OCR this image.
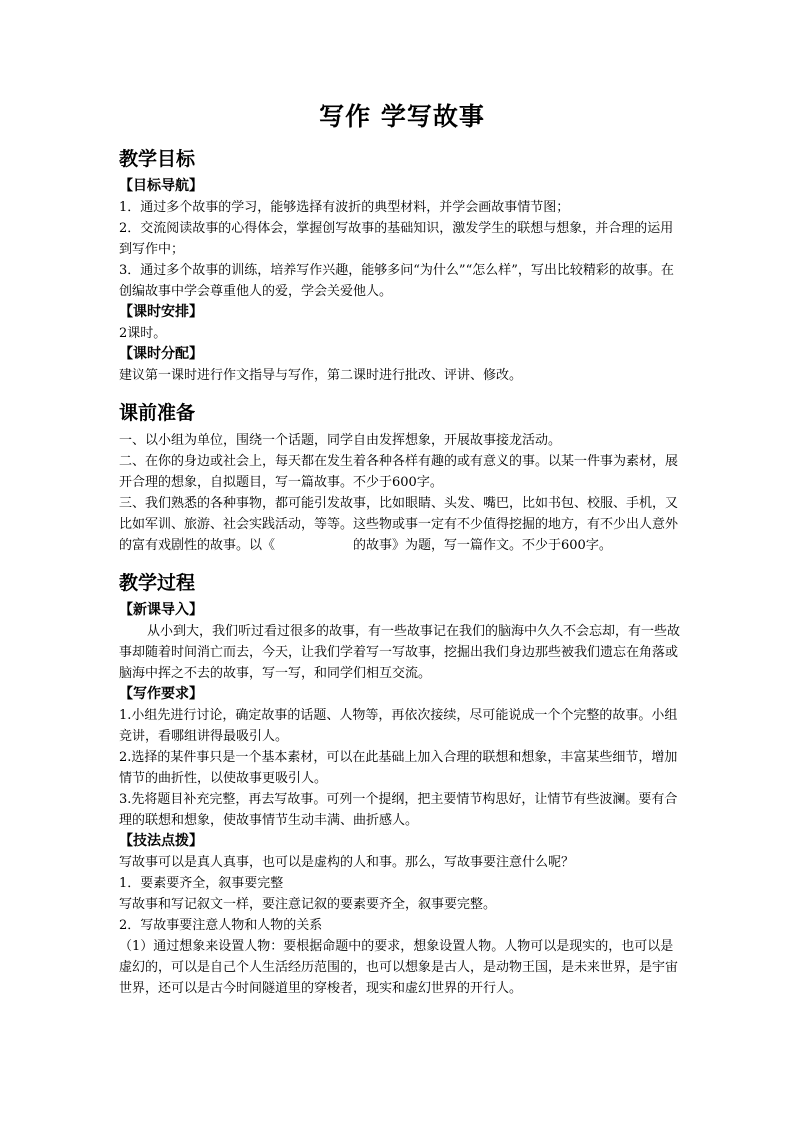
写作 学写故事
教学目标
【目标导航】
1．通过多个故事的学习，能够选择有波折的典型材料，并学会画故事情节图；
2．交流阅读故事的心得体会，掌握创写故事的基础知识，激发学生的联想与想象，并合理的运用到写作中；
3．通过多个故事的训练，培养写作兴趣，能够多问“为什么”“怎么样”，写出比较精彩的故事。在创编故事中学会尊重他人的爱，学会关爱他人。
【课时安排】
2课时。
【课时分配】
建议第一课时进行作文指导与写作，第二课时进行批改、评讲、修改。
课前准备
一、以小组为单位，围绕一个话题，同学自由发挥想象，开展故事接龙活动。
二、在你的身边或社会上，每天都在发生着各种各样有趣的或有意义的事。以某一件事为素材，展开合理的想象，自拟题目，写一篇故事。不少于600字。
三、我们熟悉的各种事物，都可能引发故事，比如眼睛、头发、嘴巴，比如书包、校服、手机，又比如军训、旅游、社会实践活动，等等。这些物或事一定有不少值得挖掘的地方，有不少出人意外的富有戏剧性的故事。以《	的故事》为题，写一篇作文。不少于600字。
教学过程
【新课导入】
从小到大，我们听过看过很多的故事，有一些故事记在我们的脑海中久久不会忘却，有一些故事却随着时间消亡而去，今天，让我们学着写一写故事，挖掘出我们身边那些被我们遗忘在角落或脑海中挥之不去的故事，写一写，和同学们相互交流。
【写作要求】
1.小组先进行讨论，确定故事的话题、人物等，再依次接续，尽可能说成一个个完整的故事。小组竞讲，看哪组讲得最吸引人。
2.选择的某件事只是一个基本素材，可以在此基础上加入合理的联想和想象，丰富某些细节，增加情节的曲折性，以使故事更吸引人。
3.先将题目补充完整，再去写故事。可列一个提纲，把主要情节构思好，让情节有些波澜。要有合理的联想和想象，使故事情节生动丰满、曲折感人。
【技法点拨】
写故事可以是真人真事，也可以是虚构的人和事。那么，写故事要注意什么呢？
1．要素要齐全，叙事要完整
写故事和写记叙文一样，要注意记叙的要素要齐全，叙事要完整。
2．写故事要注意人物和人物的关系
（1）通过想象来设置人物：要根据命题中的要求，想象设置人物。人物可以是现实的，也可以是虚幻的，可以是自己个人生活经历范围的，也可以想象是古人，是动物王国，是未来世界，是宇宙世界，还可以是古今时间隧道里的穿梭者，现实和虚幻世界的开行人。
